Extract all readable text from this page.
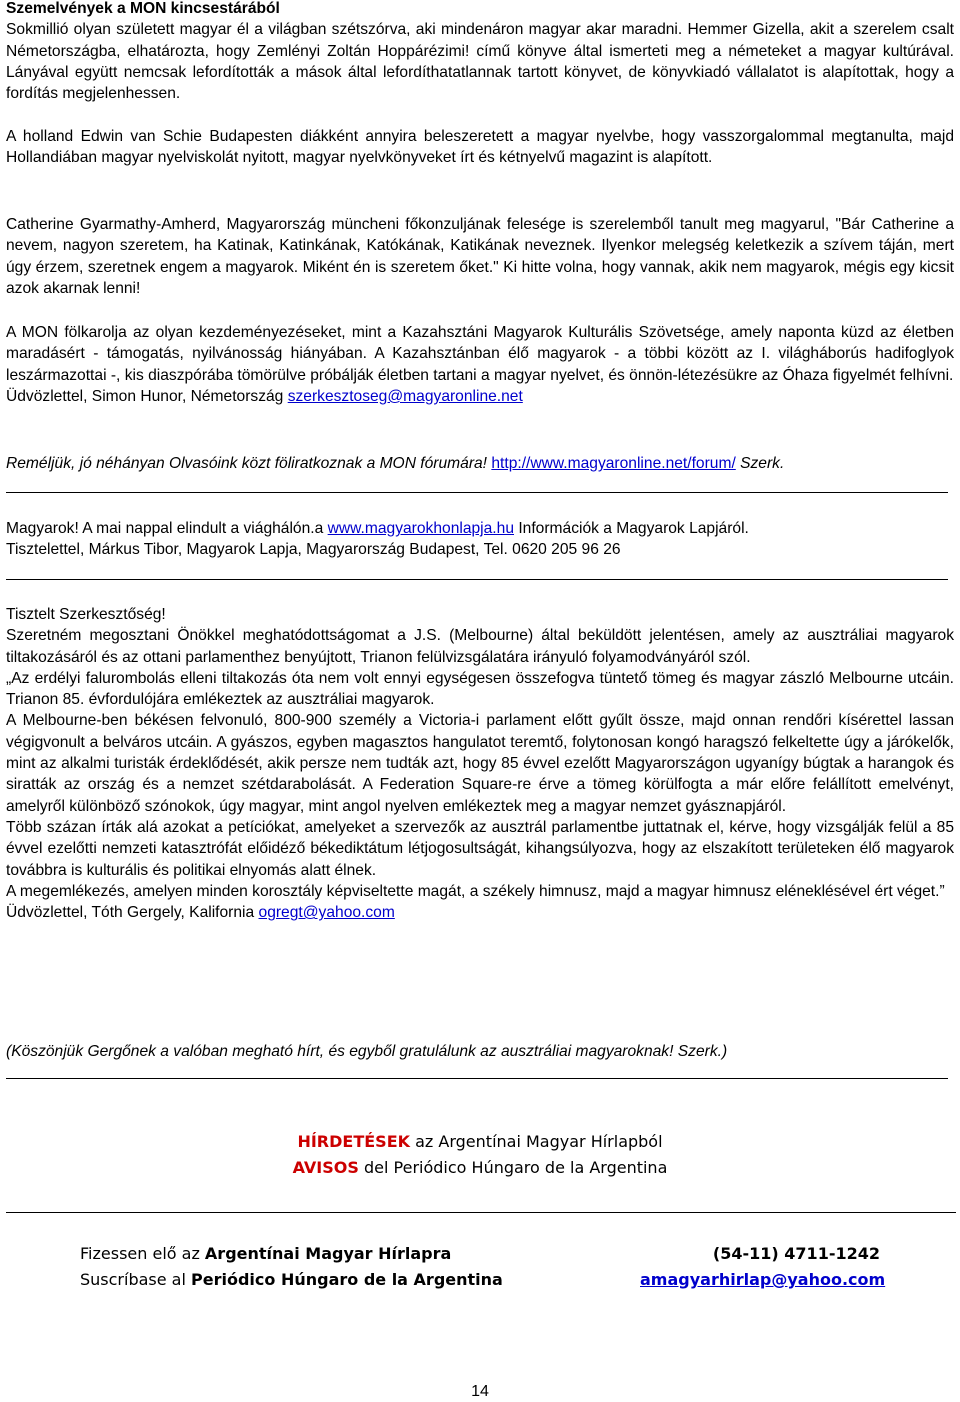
Szemelvények a MON kincsestárából

Sokmillió olyan született magyar él a világban szétszórva, aki mindenáron magyar akar maradni. Hemmer Gizella, akit a szerelem csalt Németországba, elhatározta, hogy Zemlényi Zoltán Hoppárézimi! című könyve által ismerteti meg a németeket a magyar kultúrával. Lányával együtt nemcsak lefordították a mások által lefordíthatatlannak tartott könyvet, de könyvkiadó vállalatot is alapítottak, hogy a fordítás megjelenhessen.

A holland Edwin van Schie Budapesten diákként annyira beleszeretett a magyar nyelvbe, hogy vasszorgalommal megtanulta, majd Hollandiában magyar nyelviskolát nyitott, magyar nyelvkönyveket írt és kétnyelvű magazint is alapított.

Catherine Gyarmathy-Amherd, Magyarország müncheni főkonzuljának felesége is szerelemből tanult meg magyarul, "Bár Catherine a nevem, nagyon szeretem, ha Katinak, Katinkának, Katókának, Katikának neveznek. Ilyenkor melegség keletkezik a szívem táján, mert úgy érzem, szeretnek engem a magyarok. Miként én is szeretem őket." Ki hitte volna, hogy vannak, akik nem magyarok, mégis egy kicsit azok akarnak lenni!

A MON fölkarolja az olyan kezdeményezéseket, mint a Kazahsztáni Magyarok Kulturális Szövetsége, amely naponta küzd az életben maradásért - támogatás, nyilvánosság hiányában. A Kazahsztánban élő magyarok - a többi között az I. világháborús hadifoglyok leszármazottai -, kis diaszpórába tömörülve próbálják életben tartani a magyar nyelvet, és önnön-létezésükre az Óhaza figyelmét felhívni.

Üdvözlettel, Simon Hunor, Németország szerkesztoseg@magyaronline.net

Reméljük, jó néhányan Olvasóink közt föliratkoznak a MON fórumára! http://www.magyaronline.net/forum/ Szerk.

Magyarok! A mai nappal elindult a viághálón.a www.magyarokhonlapja.hu Információk a Magyarok Lapjáról.

Tisztelettel, Márkus Tibor, Magyarok Lapja, Magyarország Budapest, Tel. 0620 205 96 26

Tisztelt Szerkesztőség!

Szeretném megosztani Önökkel meghatódottságomat a J.S. (Melbourne) által beküldött jelentésen, amely az ausztráliai magyarok tiltakozásáról és az ottani parlamenthez benyújtott, Trianon felülvizsgálatára irányuló folyamodványáról szól.

„Az erdélyi falurombolás elleni tiltakozás óta nem volt ennyi egységesen összefogva tüntető tömeg és magyar zászló Melbourne utcáin. Trianon 85. évfordulójára emlékeztek az ausztráliai magyarok.

A Melbourne-ben békésen felvonuló, 800-900 személy a Victoria-i parlament előtt gyűlt össze, majd onnan rendőri kísérettel lassan végigvonult a belváros utcáin. A gyászos, egyben magasztos hangulatot teremtő, folytonosan kongó haragszó felkeltette úgy a járókelők, mint az alkalmi turisták érdeklődését, akik persze nem tudták azt, hogy 85 évvel ezelőtt Magyarországon ugyanígy búgtak a harangok és siratták az ország és a nemzet szétdarabolását. A Federation Square-re érve a tömeg körülfogta a már előre felállított emelvényt, amelyről különböző szónokok, úgy magyar, mint angol nyelven emlékeztek meg a magyar nemzet gyásznapjáról.

Több százan írták alá azokat a petíciókat, amelyeket a szervezők az ausztrál parlamentbe juttatnak el, kérve, hogy vizsgálják felül a 85 évvel ezelőtti nemzeti katasztrófát előidéző békediktátum létjogosultságát, kihangsúlyozva, hogy az elszakított területeken élő magyarok továbbra is kulturális és politikai elnyomás alatt élnek.

A megemlékezés, amelyen minden korosztály képviseltette magát, a székely himnusz, majd a magyar himnusz eléneklésével ért véget.”

Üdvözlettel, Tóth Gergely, Kalifornia ogregt@yahoo.com

(Köszönjük Gergőnek a valóban megható hírt, és egyből gratulálunk az ausztráliai magyaroknak! Szerk.)

HÍRDETÉSEK az Argentínai Magyar Hírlapból
AVISOS del Periódico Húngaro de la Argentina
Fizessen elő az Argentínai Magyar Hírlapra
Suscríbase al Periódico Húngaro de la Argentina
(54-11) 4711-1242
amagyarhirlap@yahoo.com
14
